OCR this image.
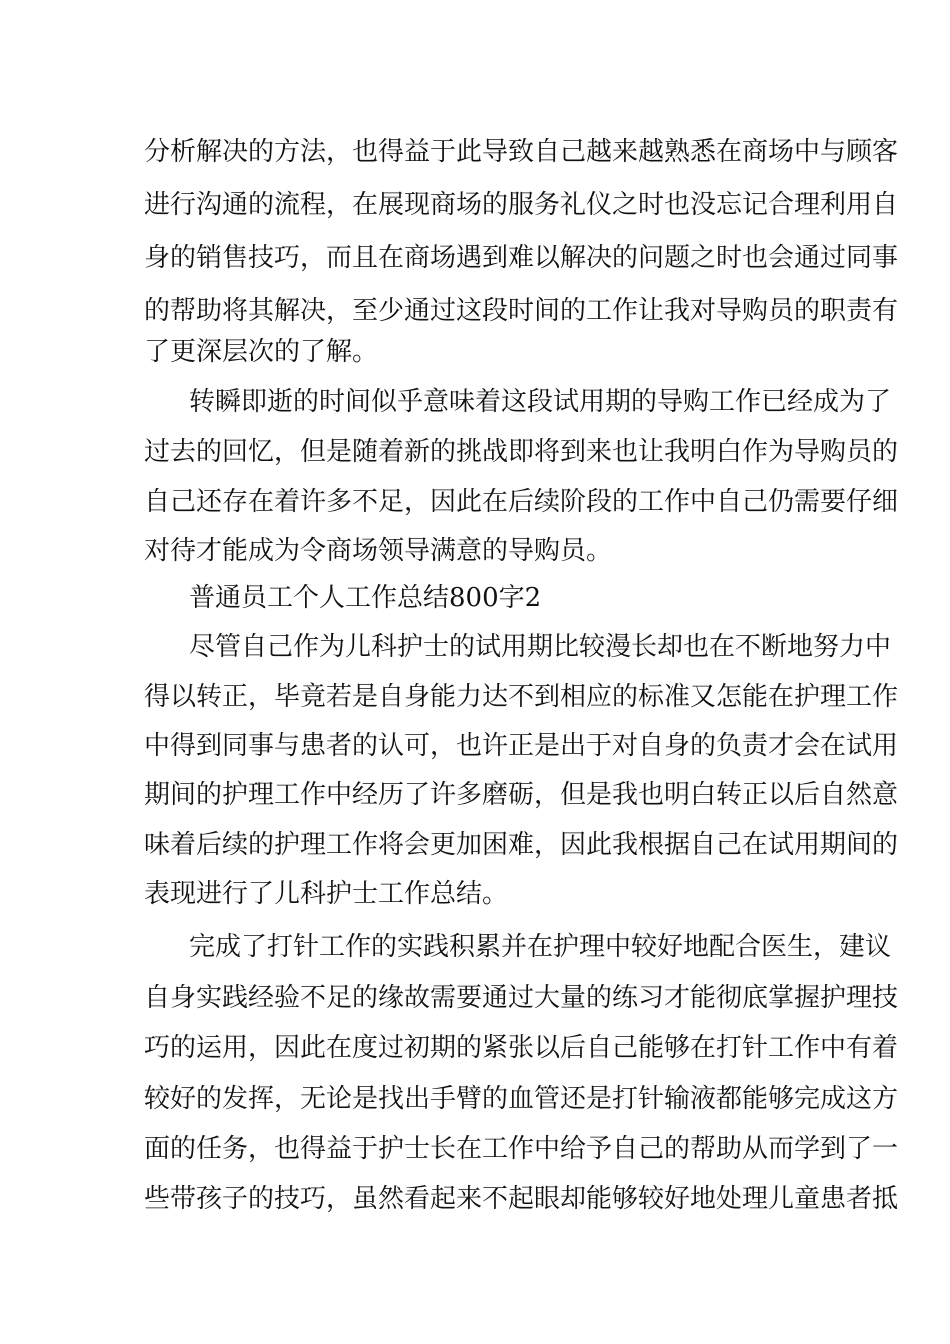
分析解决的方法，也得益于此导致自己越来越熟悉在商场中与顾客
进行沟通的流程，在展现商场的服务礼仪之时也没忘记合理利用自
身的销售技巧，而且在商场遇到难以解决的问题之时也会通过同事
的帮助将其解决，至少通过这段时间的工作让我对导购员的职责有
了更深层次的了解。
转瞬即逝的时间似乎意味着这段试用期的导购工作已经成为了
过去的回忆，但是随着新的挑战即将到来也让我明白作为导购员的
自己还存在着许多不足，因此在后续阶段的工作中自己仍需要仔细
对待才能成为令商场领导满意的导购员。
普通员工个人工作总结800字2
尽管自己作为儿科护士的试用期比较漫长却也在不断地努力中
得以转正，毕竟若是自身能力达不到相应的标准又怎能在护理工作
中得到同事与患者的认可，也许正是出于对自身的负责才会在试用
期间的护理工作中经历了许多磨砺，但是我也明白转正以后自然意
味着后续的护理工作将会更加困难，因此我根据自己在试用期间的
表现进行了儿科护士工作总结。
完成了打针工作的实践积累并在护理中较好地配合医生，建议
自身实践经验不足的缘故需要通过大量的练习才能彻底掌握护理技
巧的运用，因此在度过初期的紧张以后自己能够在打针工作中有着
较好的发挥，无论是找出手臂的血管还是打针输液都能够完成这方
面的任务，也得益于护士长在工作中给予自己的帮助从而学到了一
些带孩子的技巧，虽然看起来不起眼却能够较好地处理儿童患者抵
